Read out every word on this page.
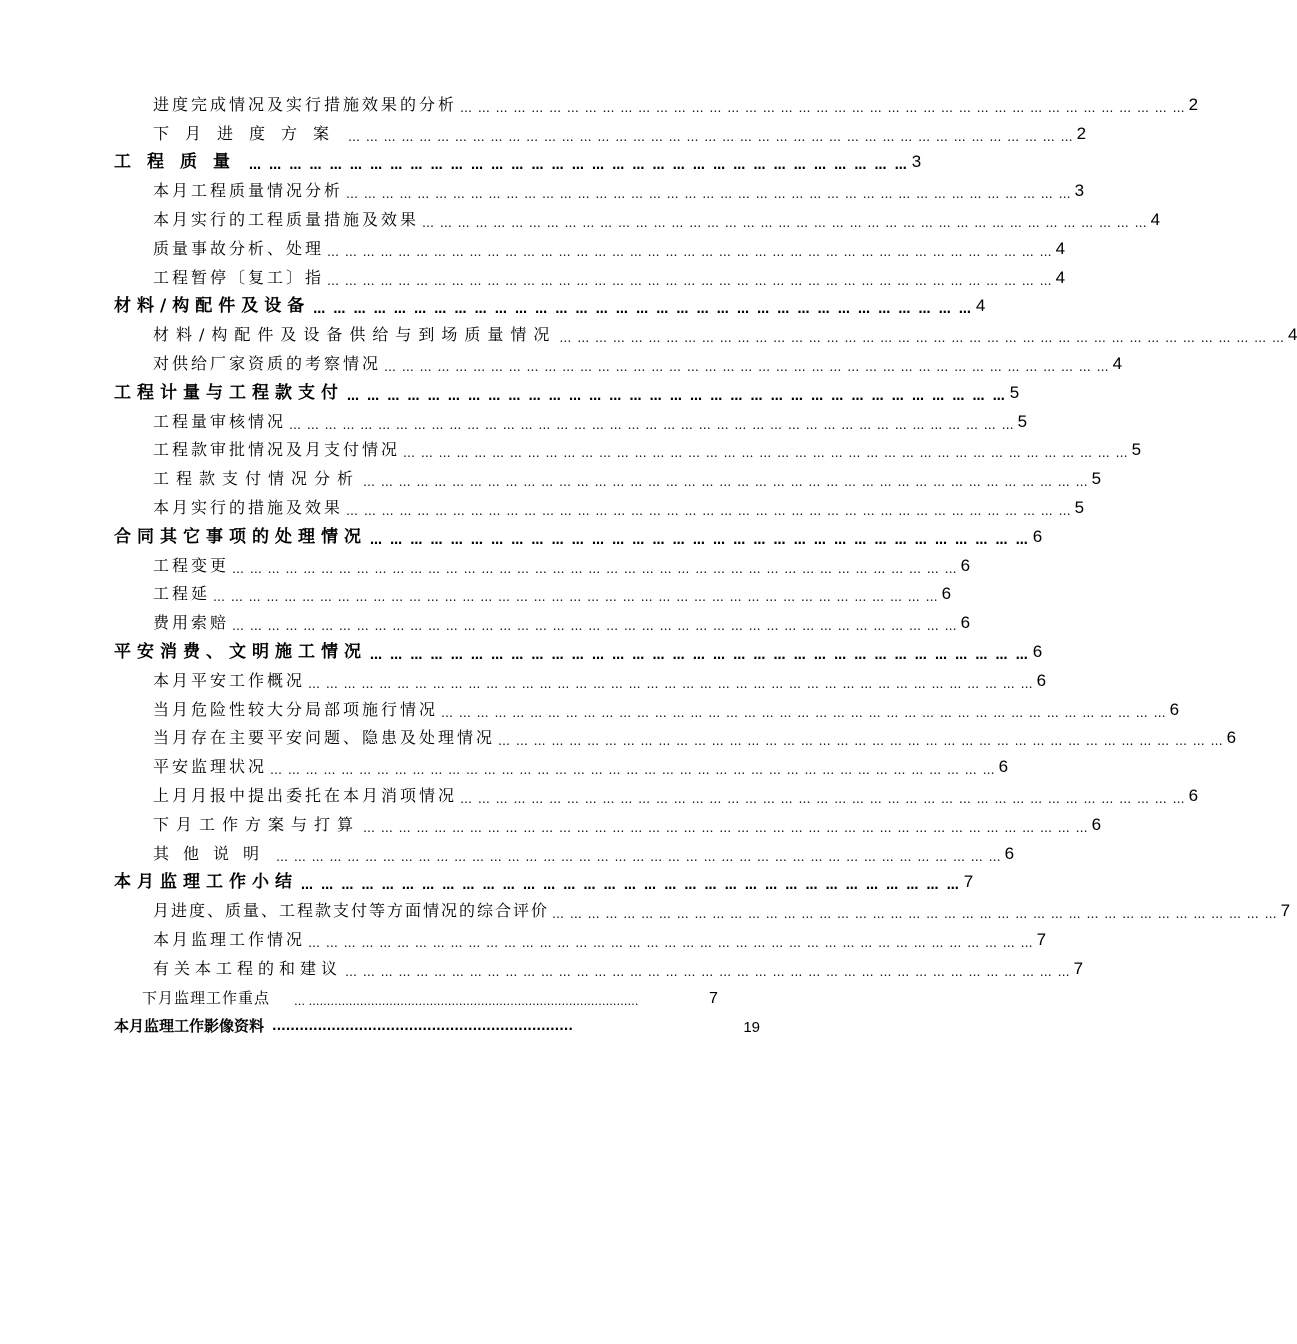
进度完成情况及实行措施效果的分析 … … … … … … … … … … … … … … … … … … … … … … … … … … … … … … … … … … … … … … … … … 2
下月进度方案 … … … … … … … … … … … … … … … … … … … … … … … … … … … … … … … … … … … … … … … … … 2
工程质量 … … … … … … … … … … … … … … … … … … … … … … … … … … … … … … … … … 3
本月工程质量情况分析 … … … … … … … … … … … … … … … … … … … … … … … … … … … … … … … … … … … … … … … … … 3
本月实行的工程质量措施及效果 … … … … … … … … … … … … … … … … … … … … … … … … … … … … … … … … … … … … … … … … … 4
质量事故分析、处理 … … … … … … … … … … … … … … … … … … … … … … … … … … … … … … … … … … … … … … … … … 4
工程暂停〔复工〕指 … … … … … … … … … … … … … … … … … … … … … … … … … … … … … … … … … … … … … … … … … 4
材料/构配件及设备 … … … … … … … … … … … … … … … … … … … … … … … … … … … … … … … … … 4
材料/构配件及设备供给与到场质量情况 … … … … … … … … … … … … … … … … … … … … … … … … … … … … … … … … … … … … … … … … … 4
对供给厂家资质的考察情况 … … … … … … … … … … … … … … … … … … … … … … … … … … … … … … … … … … … … … … … … … 4
工程计量与工程款支付 … … … … … … … … … … … … … … … … … … … … … … … … … … … … … … … … … 5
工程量审核情况 … … … … … … … … … … … … … … … … … … … … … … … … … … … … … … … … … … … … … … … … … 5
工程款审批情况及月支付情况 … … … … … … … … … … … … … … … … … … … … … … … … … … … … … … … … … … … … … … … … … 5
工程款支付情况分析 … … … … … … … … … … … … … … … … … … … … … … … … … … … … … … … … … … … … … … … … … 5
本月实行的措施及效果 … … … … … … … … … … … … … … … … … … … … … … … … … … … … … … … … … … … … … … … … … 5
合同其它事项的处理情况 … … … … … … … … … … … … … … … … … … … … … … … … … … … … … … … … … 6
工程变更 … … … … … … … … … … … … … … … … … … … … … … … … … … … … … … … … … … … … … … … … … 6
工程延 … … … … … … … … … … … … … … … … … … … … … … … … … … … … … … … … … … … … … … … … … 6
费用索赔 … … … … … … … … … … … … … … … … … … … … … … … … … … … … … … … … … … … … … … … … … 6
平安消费、文明施工情况 … … … … … … … … … … … … … … … … … … … … … … … … … … … … … … … … … 6
本月平安工作概况 … … … … … … … … … … … … … … … … … … … … … … … … … … … … … … … … … … … … … … … … … 6
当月危险性较大分局部项施行情况 … … … … … … … … … … … … … … … … … … … … … … … … … … … … … … … … … … … … … … … … … 6
当月存在主要平安问题、隐患及处理情况 … … … … … … … … … … … … … … … … … … … … … … … … … … … … … … … … … … … … … … … … … 6
平安监理状况 … … … … … … … … … … … … … … … … … … … … … … … … … … … … … … … … … … … … … … … … … 6
上月月报中提出委托在本月消项情况 … … … … … … … … … … … … … … … … … … … … … … … … … … … … … … … … … … … … … … … … … 6
下月工作方案与打算 … … … … … … … … … … … … … … … … … … … … … … … … … … … … … … … … … … … … … … … … … 6
其他说明 … … … … … … … … … … … … … … … … … … … … … … … … … … … … … … … … … … … … … … … … … 6
本月监理工作小结 … … … … … … … … … … … … … … … … … … … … … … … … … … … … … … … … … 7
月进度、质量、工程款支付等方面情况的综合评价 … … … … … … … … … … … … … … … … … … … … … … … … … … … … … … … … … … … … … … … … … 7
本月监理工作情况 … … … … … … … … … … … … … … … … … … … … … … … … … … … … … … … … … … … … … … … … … 7
有关本工程的和建议 … … … … … … … … … … … … … … … … … … … … … … … … … … … … … … … … … … … … … … … … … 7
下月监理工作重点 … ………………………………………………………………………………	7
本月监理工作影像资料 ··································································	19
